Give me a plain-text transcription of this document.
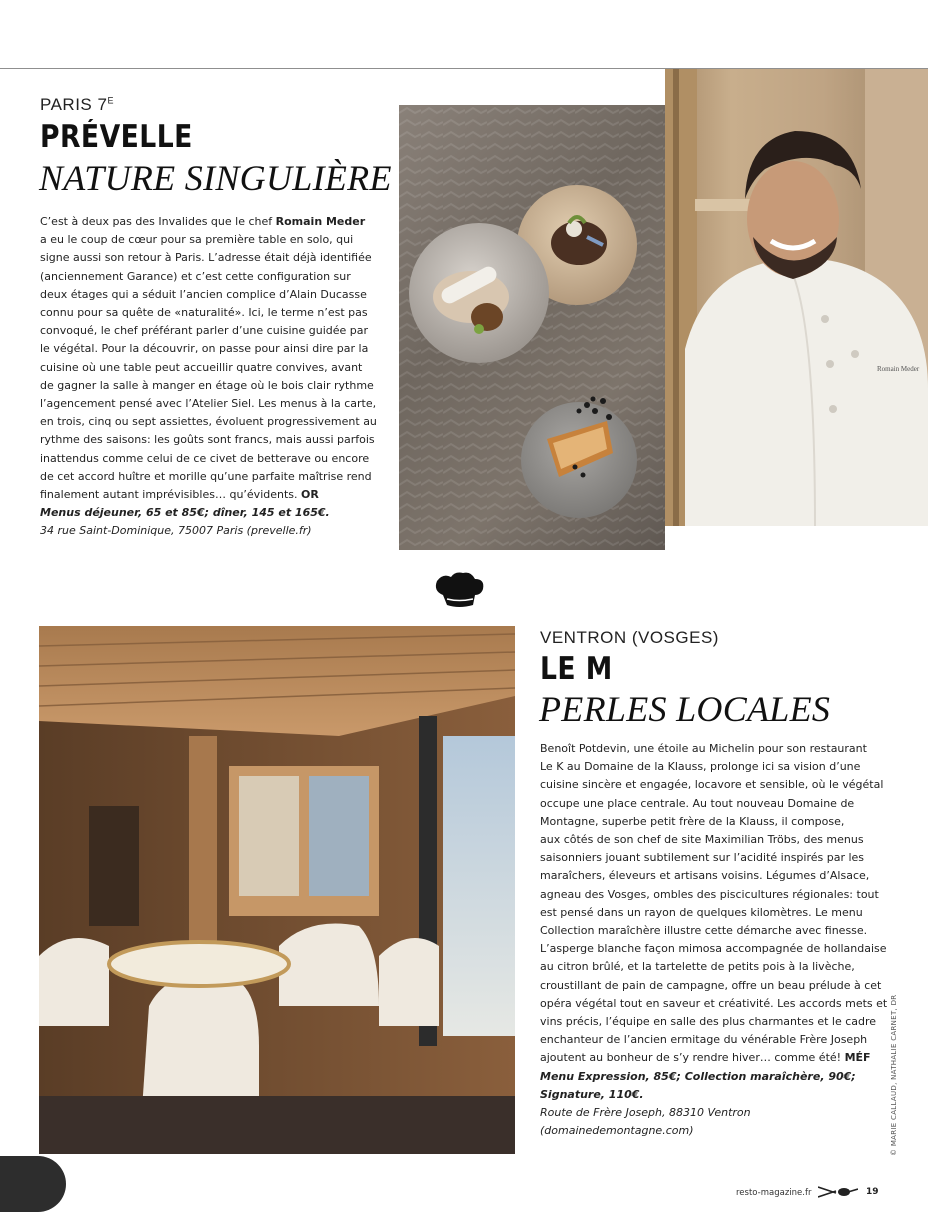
PARIS $7^E$
PRÉVELLE
NATURE SINGULIÈRE
C’est à deux pas des Invalides que le chef Romain Meder
a eu le coup de cœur pour sa première table en solo, qui
signe aussi son retour à Paris. L’adresse était déjà identifiée
(anciennement Garance) et c’est cette configuration sur
deux étages qui a séduit l’ancien complice d’Alain Ducasse
connu pour sa quête de «naturalité». Ici, le terme n’est pas
convoqué, le chef préférant parler d’une cuisine guidée par
le végétal. Pour la découvrir, on passe pour ainsi dire par la
cuisine où une table peut accueillir quatre convives, avant
de gagner la salle à manger en étage où le bois clair rythme
l’agencement pensé avec l’Atelier Siel. Les menus à la carte,
en trois, cinq ou sept assiettes, évoluent progressivement au
rythme des saisons: les goûts sont francs, mais aussi parfois
inattendus comme celui de ce civet de betterave ou encore
de cet accord huître et morille qu’une parfaite maîtrise rend
finalement autant imprévisibles… qu’évidents. OR
Menus déjeuner, 65 et 85€; dîner, 145 et 165€.
34 rue Saint-Dominique, 75007 Paris (prevelle.fr)
Romain Meder
VENTRON (VOSGES)
LE M
PERLES LOCALES
Benoît Potdevin, une étoile au Michelin pour son restaurant
Le K au Domaine de la Klauss, prolonge ici sa vision d’une
cuisine sincère et engagée, locavore et sensible, où le végétal
occupe une place centrale. Au tout nouveau Domaine de
Montagne, superbe petit frère de la Klauss, il compose,
aux côtés de son chef de site Maximilian Tröbs, des menus
saisonniers jouant subtilement sur l’acidité inspirés par les
maraîchers, éleveurs et artisans voisins. Légumes d’Alsace,
agneau des Vosges, ombles des piscicultures régionales: tout
est pensé dans un rayon de quelques kilomètres. Le menu
Collection maraîchère illustre cette démarche avec finesse.
L’asperge blanche façon mimosa accompagnée de hollandaise
au citron brûlé, et la tartelette de petits pois à la livèche,
croustillant de pain de campagne, offre un beau prélude à cet
opéra végétal tout en saveur et créativité. Les accords mets et
vins précis, l’équipe en salle des plus charmantes et le cadre
enchanteur de l’ancien ermitage du vénérable Frère Joseph
ajoutent au bonheur de s’y rendre hiver… comme été! MÉF
Menu Expression, 85€; Collection maraîchère, 90€;
Signature, 110€.
Route de Frère Joseph, 88310 Ventron
(domainedemontagne.com)
resto-magazine.fr	19
© MARIE CALLAUD, NATHALIE CARNET, DR
